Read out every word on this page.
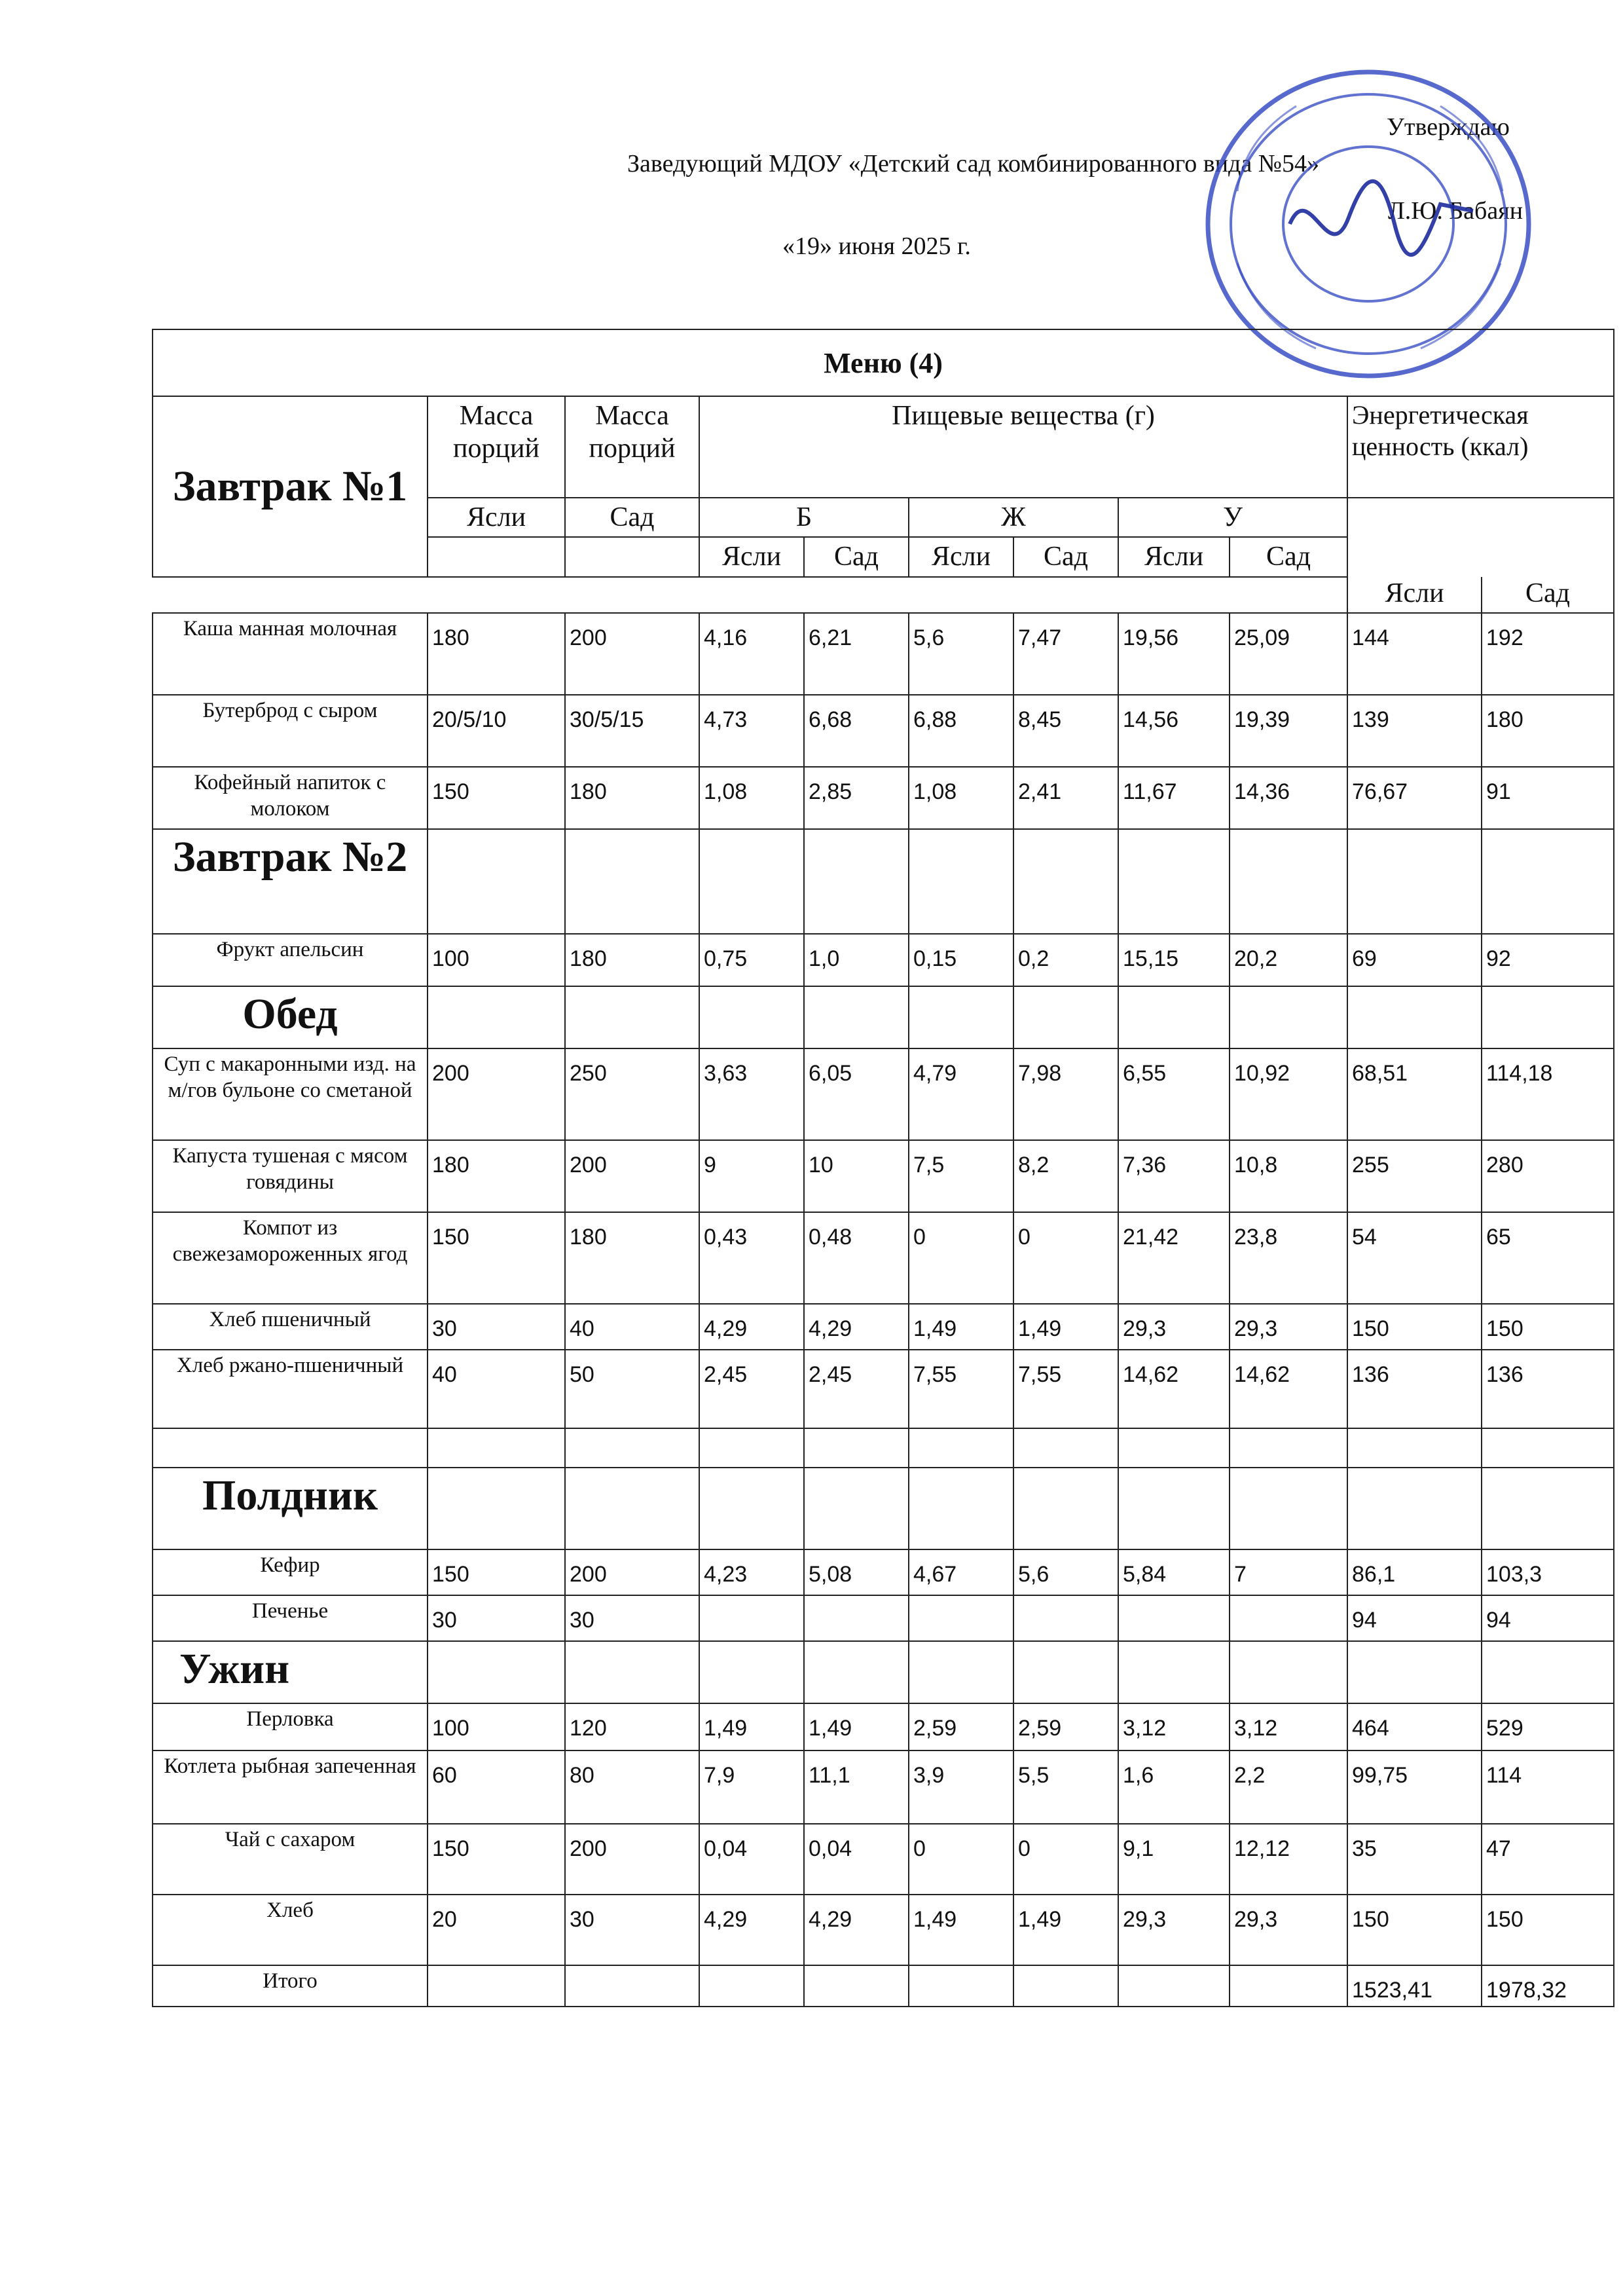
Утверждаю
Заведующий МДОУ «Детский сад комбинированного вида №54»
Л.Ю. Бабаян
«19» июня 2025 г.
Меню (4)										
Завтрак №1	Масса порций	Масса порций	Пищевые вещества (г)						Энергетическая ценность (ккал)	
	Ясли	Сад	Б		Ж		У			
			Ясли	Сад	Ясли	Сад	Ясли	Сад		
									Ясли	Сад
Каша манная молочная	180	200	4,16	6,21	5,6	7,47	19,56	25,09	144	192
Бутерброд с сыром	20/5/10	30/5/15	4,73	6,68	6,88	8,45	14,56	19,39	139	180
Кофейный напиток с молоком	150	180	1,08	2,85	1,08	2,41	11,67	14,36	76,67	91
Завтрак №2										
Фрукт апельсин	100	180	0,75	1,0	0,15	0,2	15,15	20,2	69	92
Обед										
Суп с макаронными изд. на м/гов бульоне со сметаной	200	250	3,63	6,05	4,79	7,98	6,55	10,92	68,51	114,18
Капуста тушеная с мясом говядины	180	200	9	10	7,5	8,2	7,36	10,8	255	280
Компот из свежезамороженных ягод	150	180	0,43	0,48	0	0	21,42	23,8	54	65
Хлеб пшеничный	30	40	4,29	4,29	1,49	1,49	29,3	29,3	150	150
Хлеб ржано-пшеничный	40	50	2,45	2,45	7,55	7,55	14,62	14,62	136	136

Полдник										
Кефир	150	200	4,23	5,08	4,67	5,6	5,84	7	86,1	103,3
Печенье	30	30							94	94
Ужин										
Перловка	100	120	1,49	1,49	2,59	2,59	3,12	3,12	464	529
Котлета рыбная запеченная	60	80	7,9	11,1	3,9	5,5	1,6	2,2	99,75	114
Чай с сахаром	150	200	0,04	0,04	0	0	9,1	12,12	35	47
Хлеб	20	30	4,29	4,29	1,49	1,49	29,3	29,3	150	150
Итого									1523,41	1978,32
